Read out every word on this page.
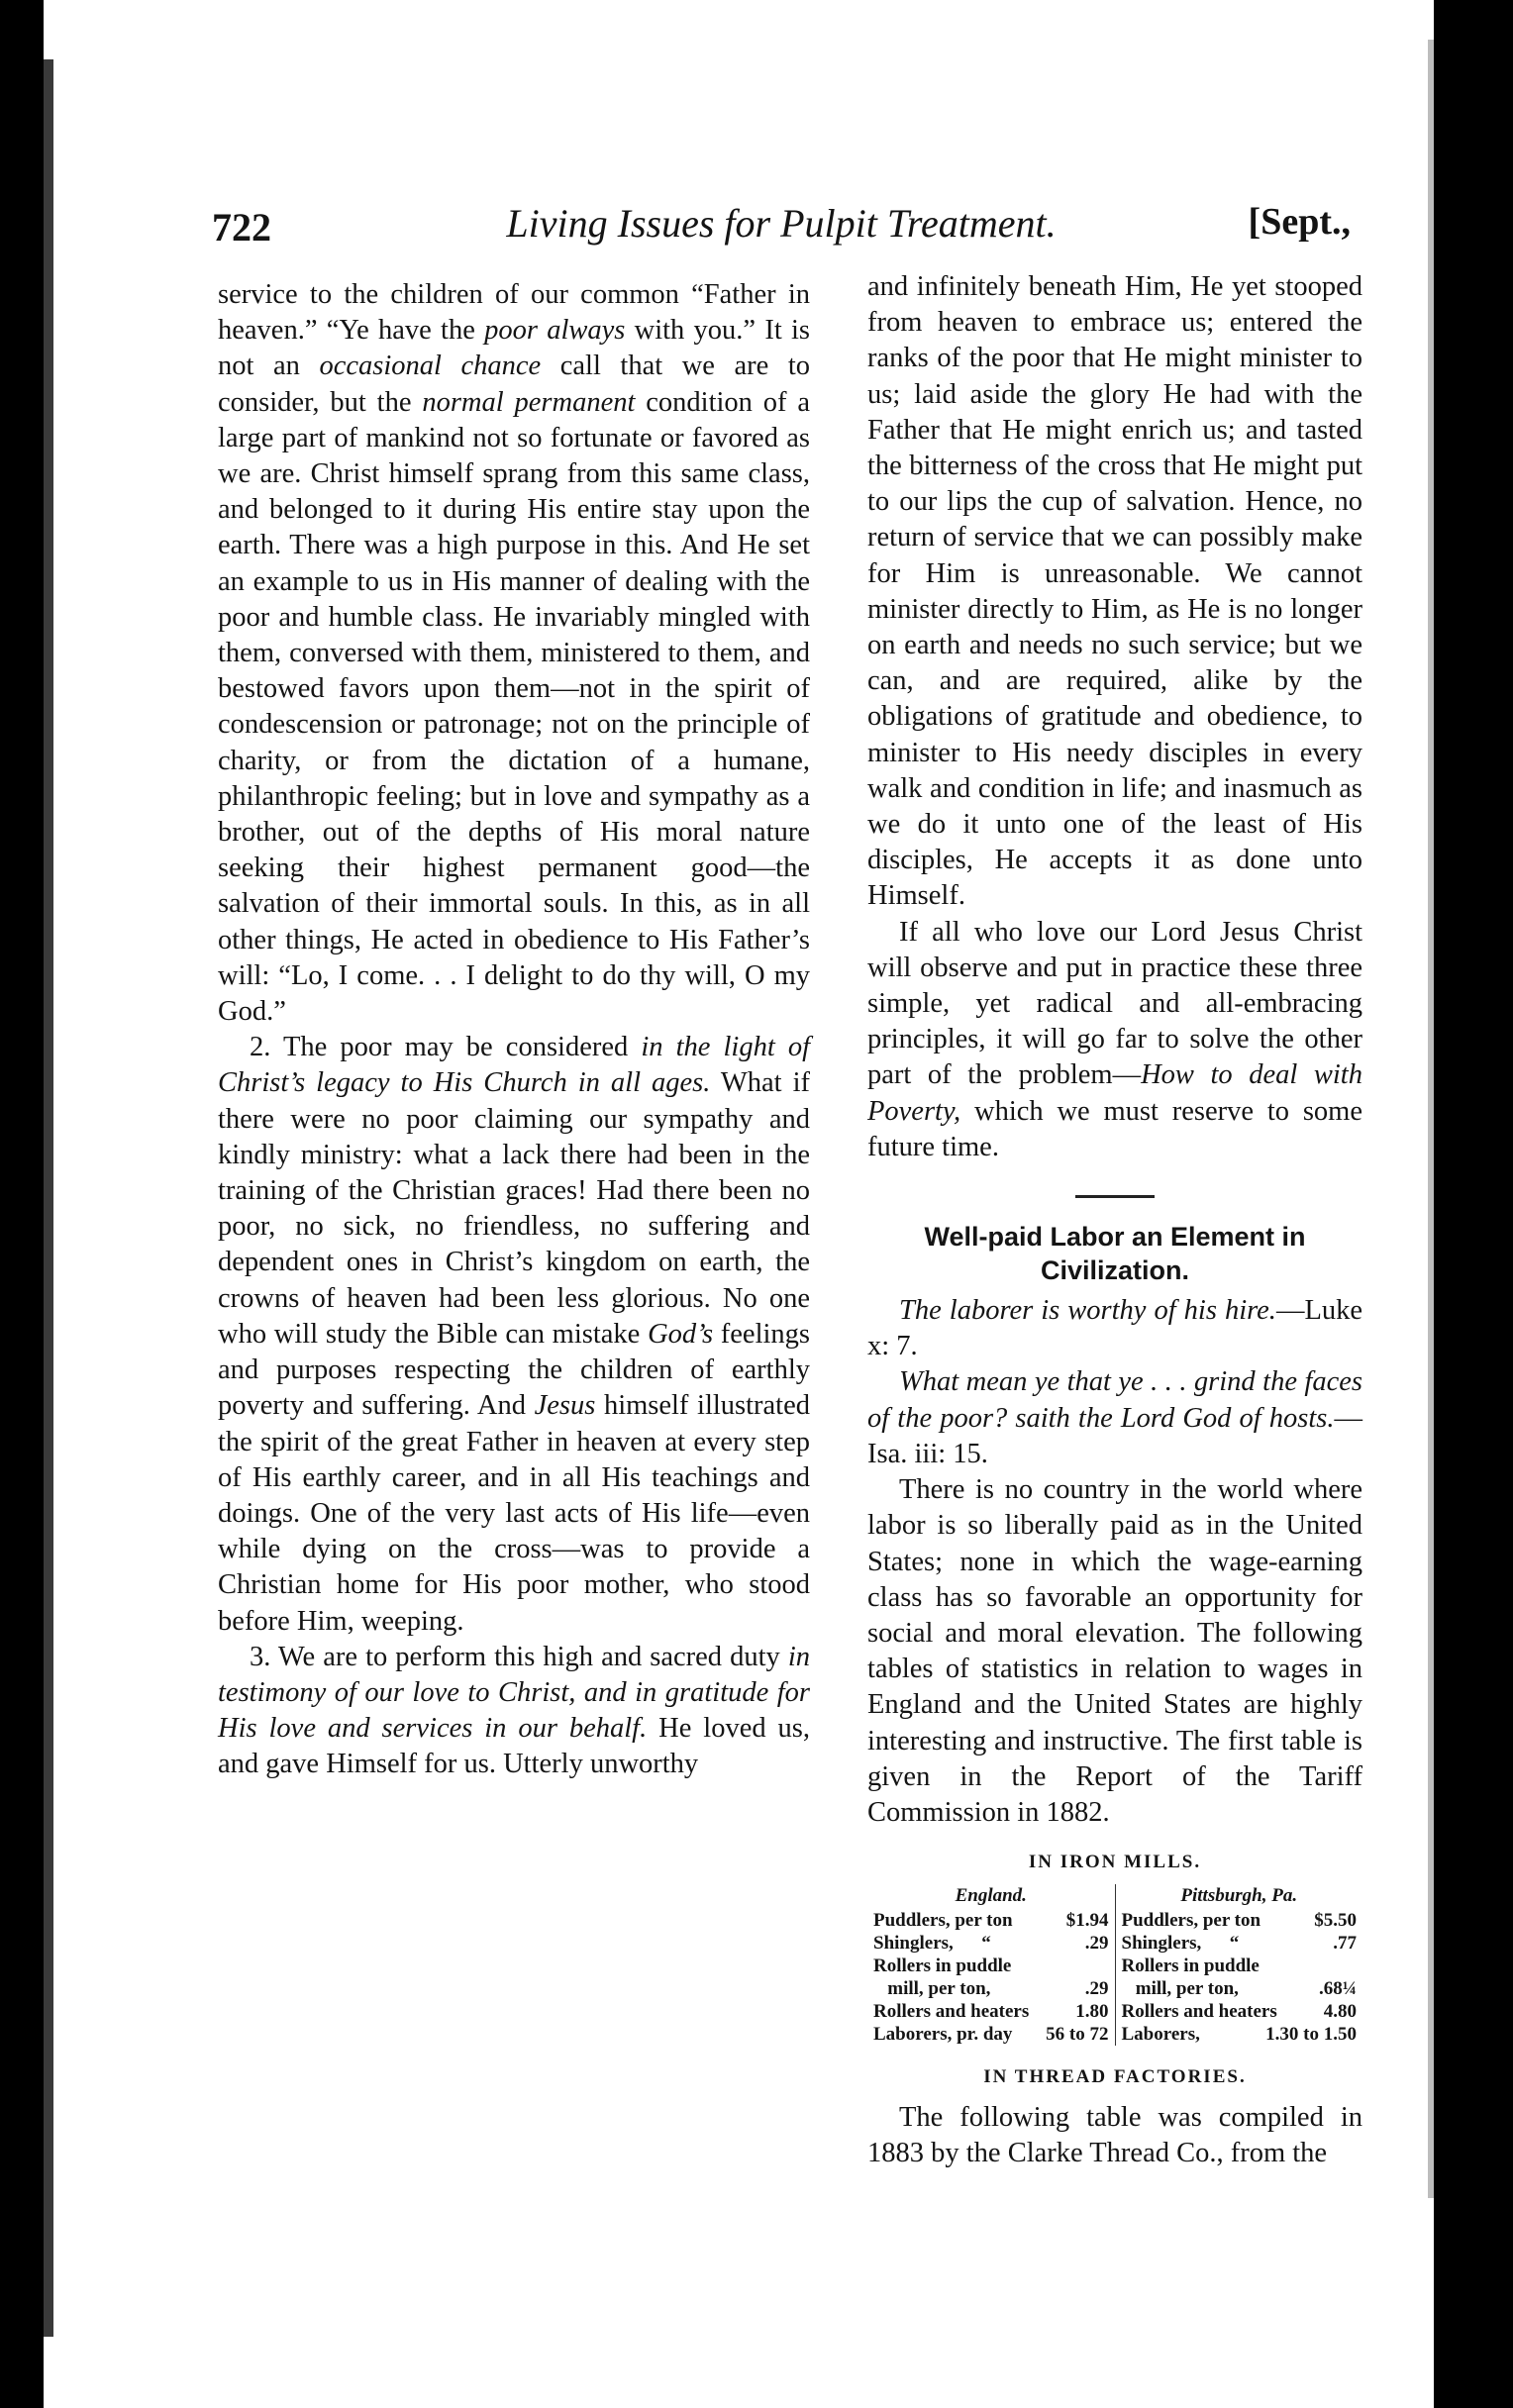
722	Living Issues for Pulpit Treatment.	[Sept.,

service to the children of our common “Father in heaven.” “Ye have the poor always with you.” It is not an occasional chance call that we are to consider, but the normal permanent condition of a large part of mankind not so fortunate or favored as we are. Christ himself sprang from this same class, and belonged to it during His entire stay upon the earth. There was a high purpose in this. And He set an example to us in His manner of dealing with the poor and humble class. He invariably mingled with them, conversed with them, ministered to them, and bestowed favors upon them—not in the spirit of condescension or patronage; not on the principle of charity, or from the dictation of a humane, philanthropic feeling; but in love and sympathy as a brother, out of the depths of His moral nature seeking their highest permanent good—the salvation of their immortal souls. In this, as in all other things, He acted in obedience to His Father’s will: “Lo, I come. . . I delight to do thy will, O my God.”

2. The poor may be considered in the light of Christ’s legacy to His Church in all ages. What if there were no poor claiming our sympathy and kindly ministry: what a lack there had been in the training of the Christian graces! Had there been no poor, no sick, no friendless, no suffering and dependent ones in Christ’s kingdom on earth, the crowns of heaven had been less glorious. No one who will study the Bible can mistake God’s feelings and purposes respecting the children of earthly poverty and suffering. And Jesus himself illustrated the spirit of the great Father in heaven at every step of His earthly career, and in all His teachings and doings. One of the very last acts of His life—even while dying on the cross—was to provide a Christian home for His poor mother, who stood before Him, weeping.

3. We are to perform this high and sacred duty in testimony of our love to Christ, and in gratitude for His love and services in our behalf. He loved us, and gave Himself for us. Utterly unworthy

and infinitely beneath Him, He yet stooped from heaven to embrace us; entered the ranks of the poor that He might minister to us; laid aside the glory He had with the Father that He might enrich us; and tasted the bitterness of the cross that He might put to our lips the cup of salvation. Hence, no return of service that we can possibly make for Him is unreasonable. We cannot minister directly to Him, as He is no longer on earth and needs no such service; but we can, and are required, alike by the obligations of gratitude and obedience, to minister to His needy disciples in every walk and condition in life; and inasmuch as we do it unto one of the least of His disciples, He accepts it as done unto Himself.

If all who love our Lord Jesus Christ will observe and put in practice these three simple, yet radical and all-embracing principles, it will go far to solve the other part of the problem—How to deal with Poverty, which we must reserve to some future time.

Well-paid Labor an Element in Civilization.

The laborer is worthy of his hire.—Luke x: 7.

What mean ye that ye . . . grind the faces of the poor? saith the Lord God of hosts.—Isa. iii: 15.

There is no country in the world where labor is so liberally paid as in the United States; none in which the wage-earning class has so favorable an opportunity for social and moral elevation. The following tables of statistics in relation to wages in England and the United States are highly interesting and instructive. The first table is given in the Report of the Tariff Commission in 1882.

IN IRON MILLS.
England.
Puddlers, per ton	$1.94
Shinglers,      “	.29
Rollers in puddle
mill, per ton,	.29
Rollers and heaters 1.80
Laborers, pr. day 56 to 72
Pittsburgh, Pa.
Puddlers, per ton	$5.50
Shinglers,      “	.77
Rollers in puddle
mill, per ton,	.68¼
Rollers and heaters 4.80
Laborers,	1.30 to 1.50
IN THREAD FACTORIES.

The following table was compiled in 1883 by the Clarke Thread Co., from the
